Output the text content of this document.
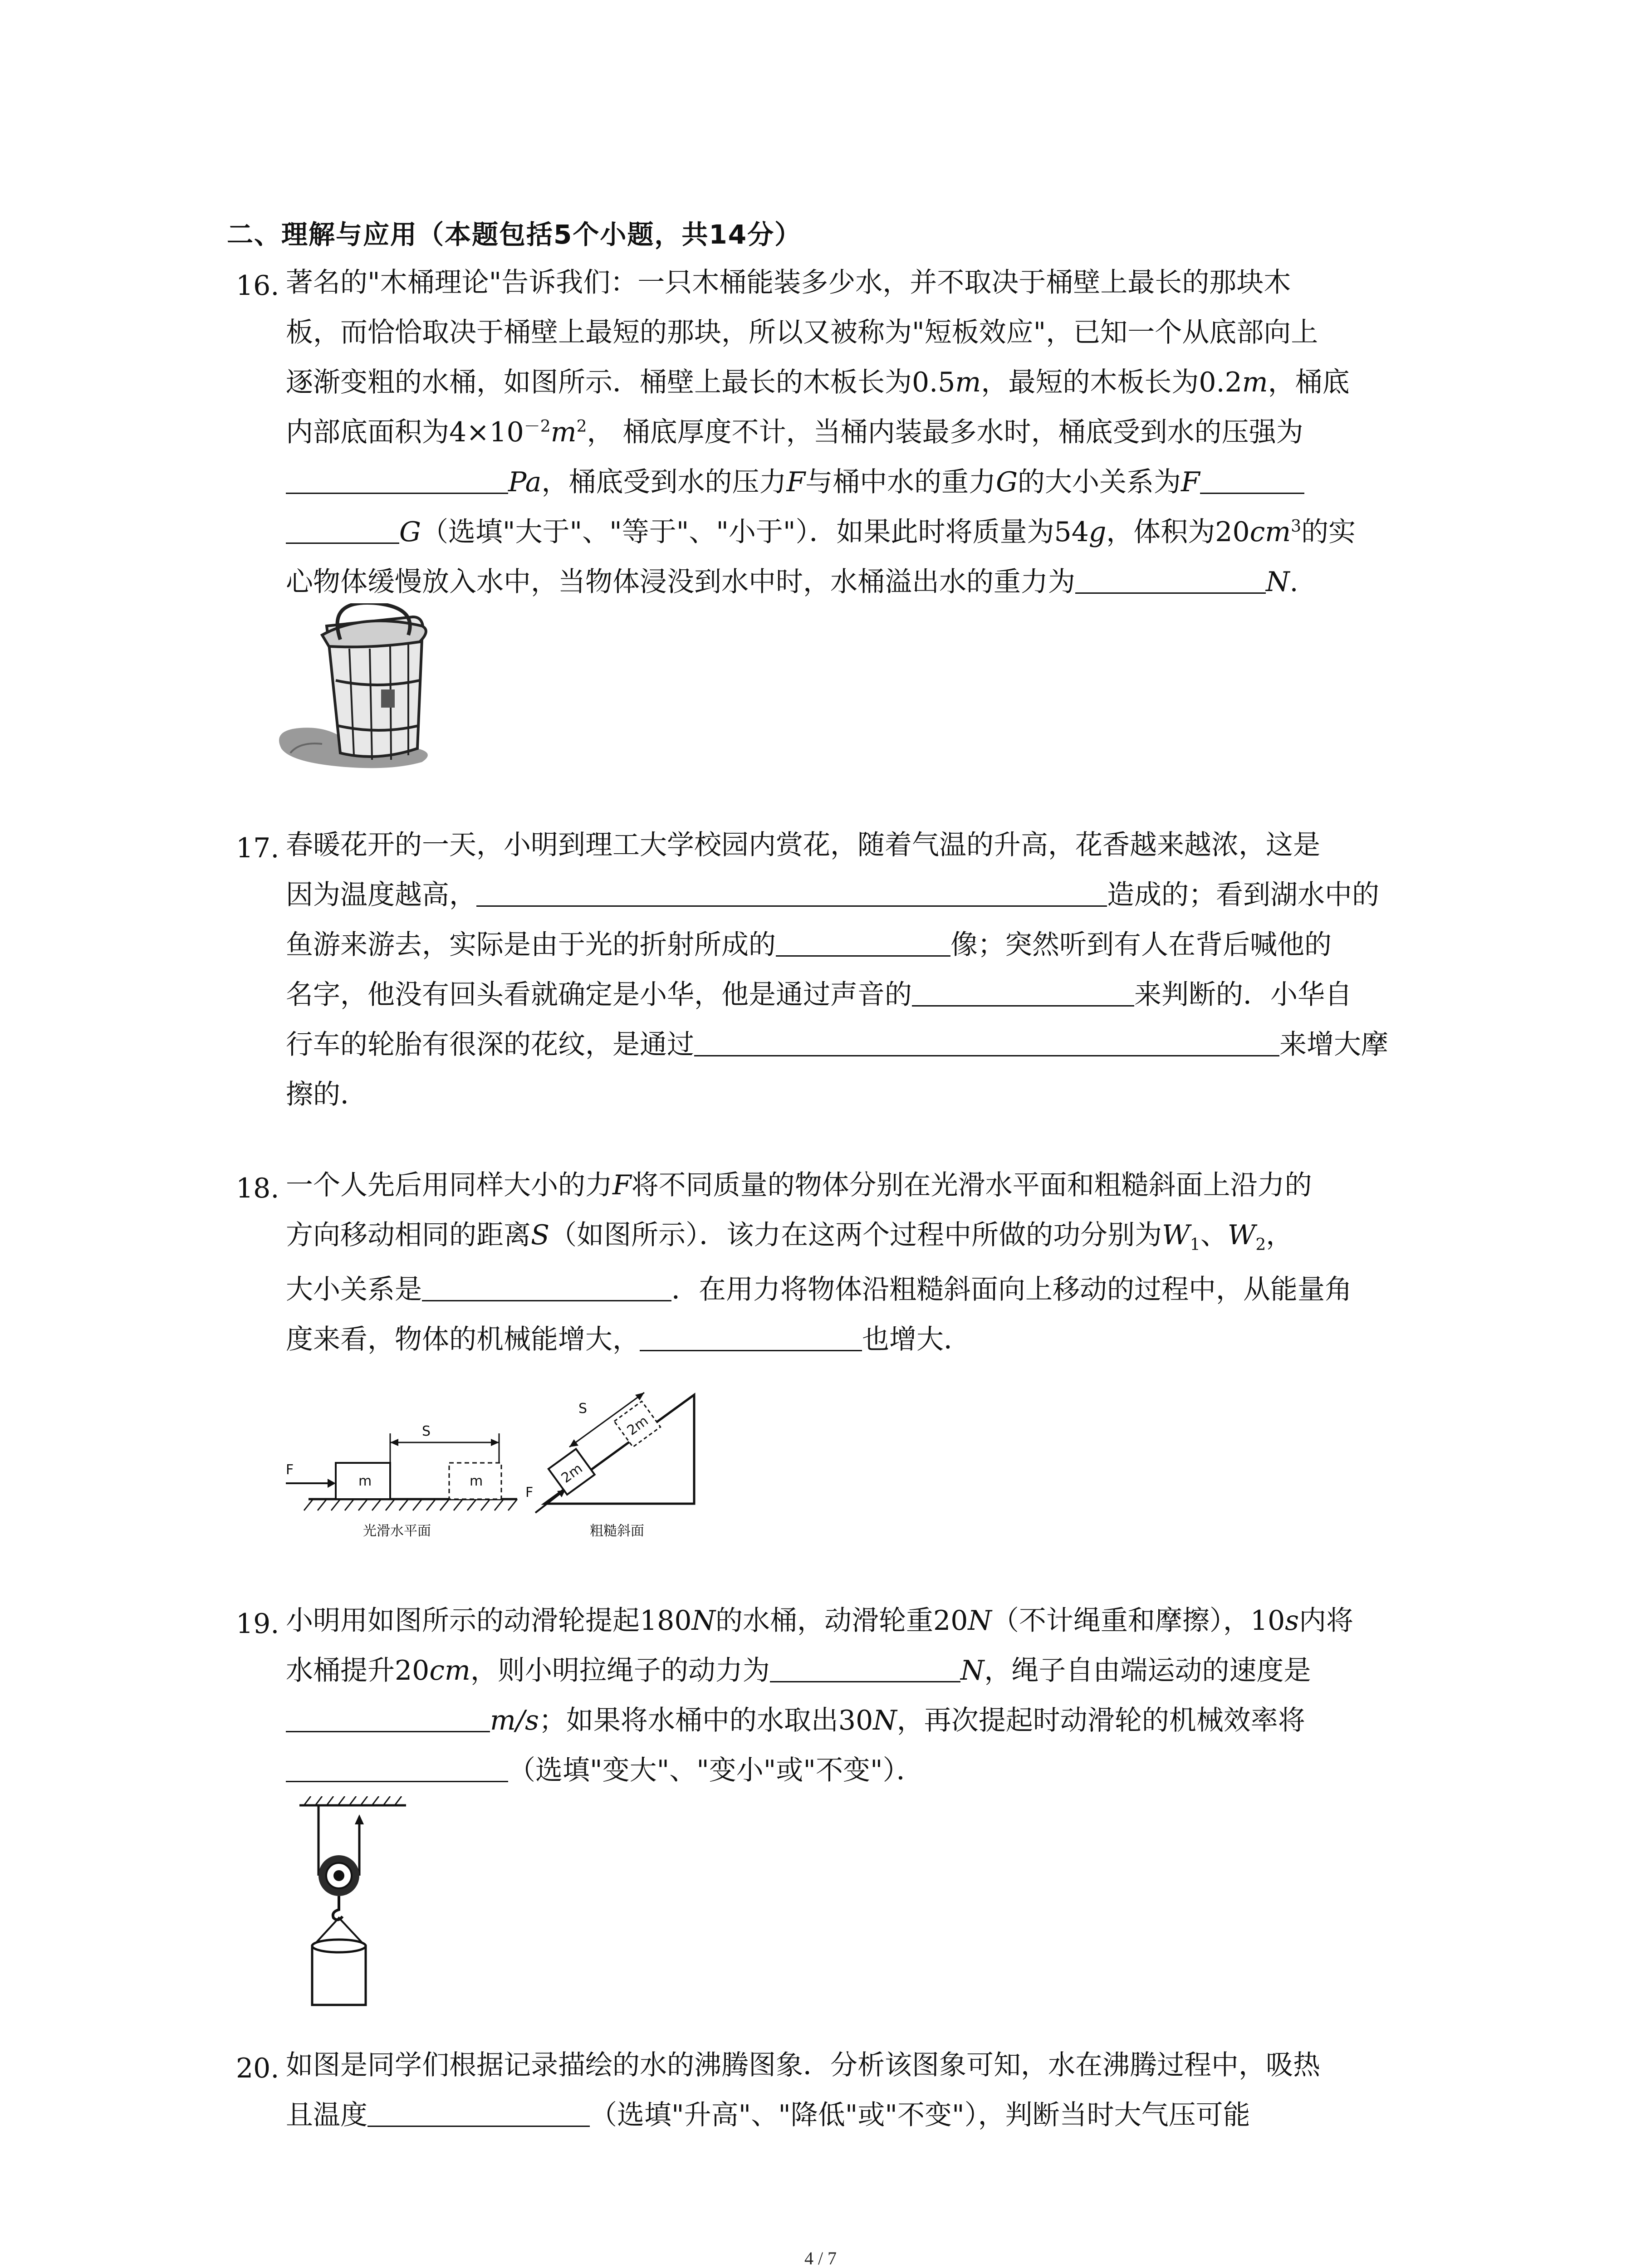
二、理解与应用（本题包括5个小题，共14分）
16. 著名的"木桶理论"告诉我们：一只木桶能装多少水，并不取决于桶壁上最长的那块木
板，而恰恰取决于桶壁上最短的那块，所以又被称为"短板效应"，已知一个从底部向上
逐渐变粗的水桶，如图所示．桶壁上最长的木板长为0.5m，最短的木板长为0.2m，桶底
内部底面积为$4\times 10^{-2}m^2$， 桶底厚度不计，当桶内装最多水时，桶底受到水的压强为
Pa，桶底受到水的压力F与桶中水的重力G的大小关系为F
G（选填"大于"、"等于"、"小于"）．如果此时将质量为54g，体积为$20cm^3$的实
心物体缓慢放入水中，当物体浸没到水中时，水桶溢出水的重力为	N.
17. 春暖花开的一天，小明到理工大学校园内赏花，随着气温的升高，花香越来越浓，这是
因为温度越高，	造成的；看到湖水中的
鱼游来游去，实际是由于光的折射所成的	像；突然听到有人在背后喊他的
名字，他没有回头看就确定是小华，他是通过声音的	来判断的．小华自
行车的轮胎有很深的花纹，是通过	来增大摩
擦的．
18. 一个人先后用同样大小的力F将不同质量的物体分别在光滑水平面和粗糙斜面上沿力的
方向移动相同的距离S（如图所示）．该力在这两个过程中所做的功分别为$W_1$、$W_2$，
大小关系是	．在用力将物体沿粗糙斜面向上移动的过程中，从能量角
度来看，物体的机械能增大，	也增大．
m	m
F
S
光滑水平面
2m
2m
S
F
粗糙斜面
19. 小明用如图所示的动滑轮提起180N的水桶，动滑轮重20N（不计绳重和摩擦），10s内将
水桶提升20cm，则小明拉绳子的动力为	N，绳子自由端运动的速度是
m/s；如果将水桶中的水取出30N，再次提起时动滑轮的机械效率将
（选填"变大"、"变小"或"不变"）．
20. 如图是同学们根据记录描绘的水的沸腾图象．分析该图象可知，水在沸腾过程中，吸热
且温度	（选填"升高"、"降低"或"不变"），判断当时大气压可能
4 / 7
